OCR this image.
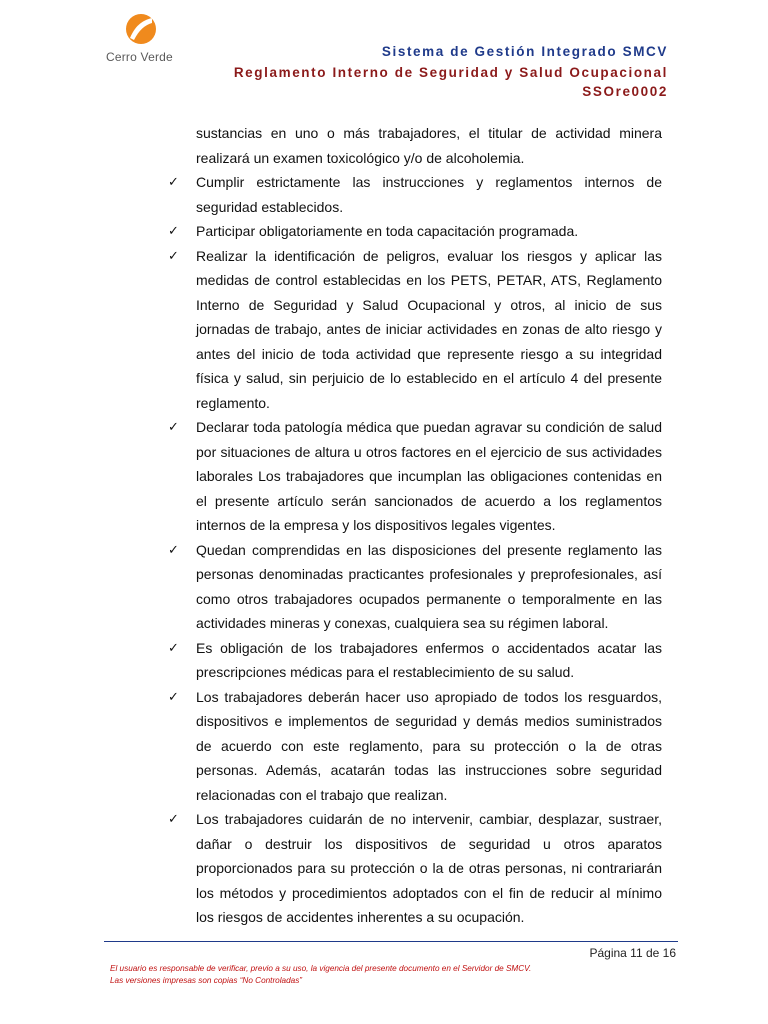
Cerro Verde	Sistema de Gestión Integrado SMCV
Reglamento Interno de Seguridad y Salud Ocupacional
SSOre0002
sustancias en uno o más trabajadores, el titular de actividad minera realizará un examen toxicológico y/o de alcoholemia.
✓ Cumplir estrictamente las instrucciones y reglamentos internos de seguridad establecidos.
✓ Participar obligatoriamente en toda capacitación programada.
✓ Realizar la identificación de peligros, evaluar los riesgos y aplicar las medidas de control establecidas en los PETS, PETAR, ATS, Reglamento Interno de Seguridad y Salud Ocupacional y otros, al inicio de sus jornadas de trabajo, antes de iniciar actividades en zonas de alto riesgo y antes del inicio de toda actividad que represente riesgo a su integridad física y salud, sin perjuicio de lo establecido en el artículo 4 del presente reglamento.
✓ Declarar toda patología médica que puedan agravar su condición de salud por situaciones de altura u otros factores en el ejercicio de sus actividades laborales Los trabajadores que incumplan las obligaciones contenidas en el presente artículo serán sancionados de acuerdo a los reglamentos internos de la empresa y los dispositivos legales vigentes.
✓ Quedan comprendidas en las disposiciones del presente reglamento las personas denominadas practicantes profesionales y preprofesionales, así como otros trabajadores ocupados permanente o temporalmente en las actividades mineras y conexas, cualquiera sea su régimen laboral.
✓ Es obligación de los trabajadores enfermos o accidentados acatar las prescripciones médicas para el restablecimiento de su salud.
✓ Los trabajadores deberán hacer uso apropiado de todos los resguardos, dispositivos e implementos de seguridad y demás medios suministrados de acuerdo con este reglamento, para su protección o la de otras personas. Además, acatarán todas las instrucciones sobre seguridad relacionadas con el trabajo que realizan.
✓ Los trabajadores cuidarán de no intervenir, cambiar, desplazar, sustraer, dañar o destruir los dispositivos de seguridad u otros aparatos proporcionados para su protección o la de otras personas, ni contrariarán los métodos y procedimientos adoptados con el fin de reducir al mínimo los riesgos de accidentes inherentes a su ocupación.
Página 11 de 16
El usuario es responsable de verificar, previo a su uso, la vigencia del presente documento en el Servidor de SMCV.
Las versiones impresas son copias “No Controladas”
